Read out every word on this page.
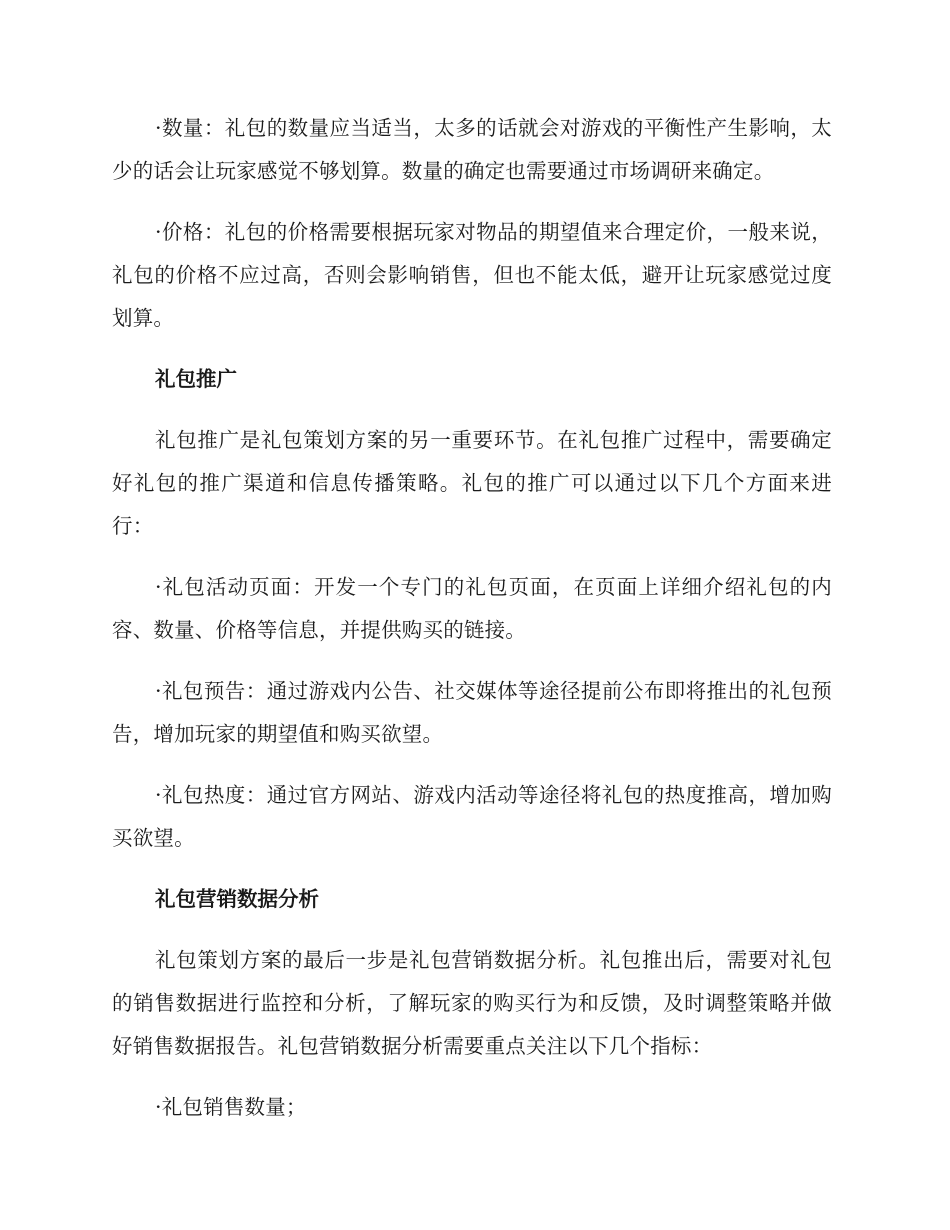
·数量：礼包的数量应当适当，太多的话就会对游戏的平衡性产生影响，太少的话会让玩家感觉不够划算。数量的确定也需要通过市场调研来确定。

·价格：礼包的价格需要根据玩家对物品的期望值来合理定价，一般来说，礼包的价格不应过高，否则会影响销售，但也不能太低，避开让玩家感觉过度划算。

礼包推广

礼包推广是礼包策划方案的另一重要环节。在礼包推广过程中，需要确定好礼包的推广渠道和信息传播策略。礼包的推广可以通过以下几个方面来进行：

·礼包活动页面：开发一个专门的礼包页面，在页面上详细介绍礼包的内容、数量、价格等信息，并提供购买的链接。

·礼包预告：通过游戏内公告、社交媒体等途径提前公布即将推出的礼包预告，增加玩家的期望值和购买欲望。

·礼包热度：通过官方网站、游戏内活动等途径将礼包的热度推高，增加购买欲望。

礼包营销数据分析

礼包策划方案的最后一步是礼包营销数据分析。礼包推出后，需要对礼包的销售数据进行监控和分析，了解玩家的购买行为和反馈，及时调整策略并做好销售数据报告。礼包营销数据分析需要重点关注以下几个指标：

·礼包销售数量；
